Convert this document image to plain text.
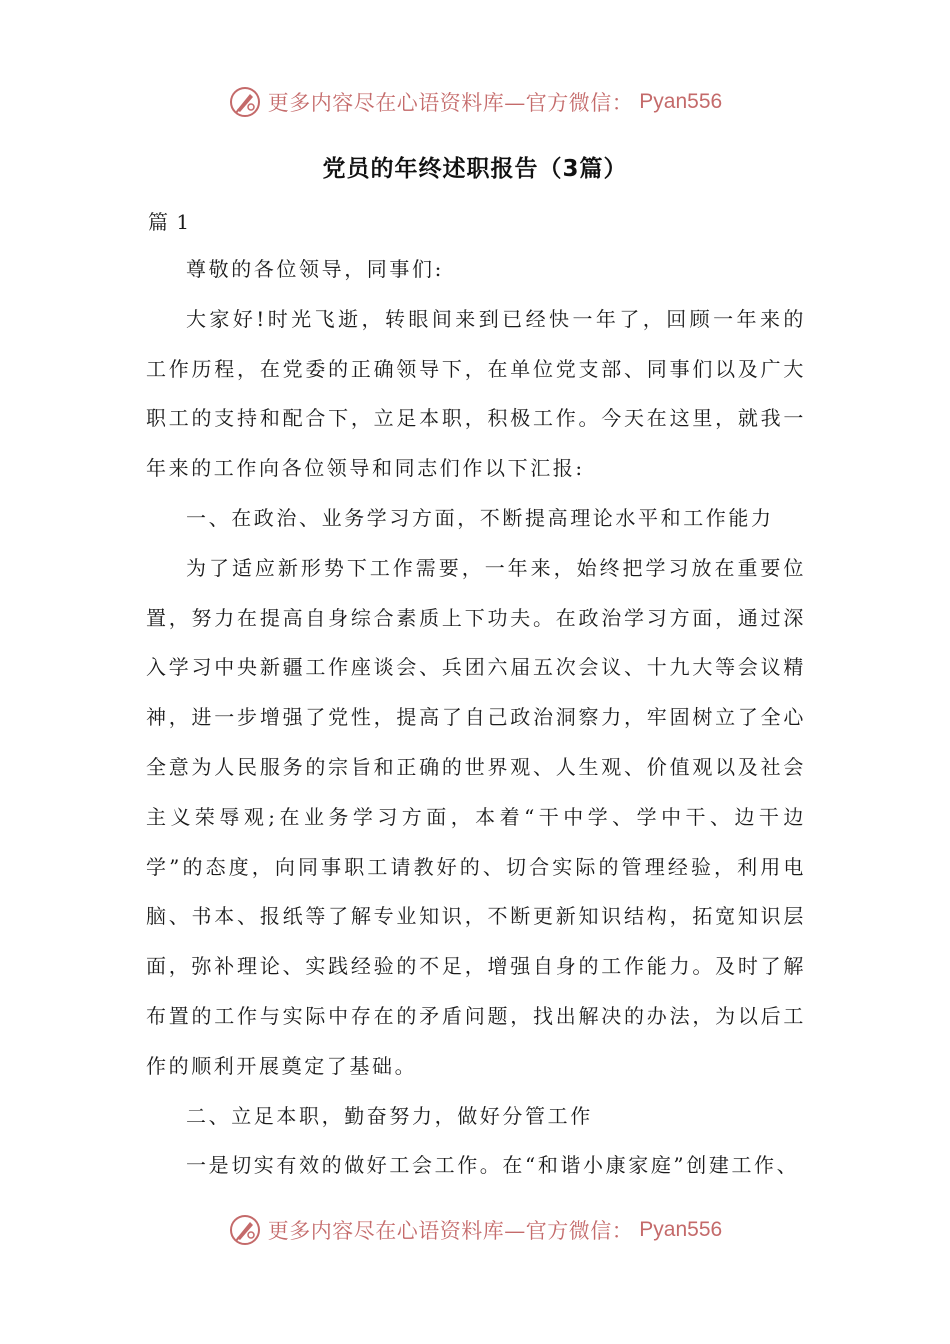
更多内容尽在心语资料库—官方微信： Pyan556
党员的年终述职报告（3篇）
篇 1

尊敬的各位领导，同事们:

大家好!时光飞逝，转眼间来到已经快一年了，回顾一年来的工作历程，在党委的正确领导下，在单位党支部、同事们以及广大职工的支持和配合下，立足本职，积极工作。今天在这里，就我一年来的工作向各位领导和同志们作以下汇报:

一、在政治、业务学习方面，不断提高理论水平和工作能力

为了适应新形势下工作需要，一年来，始终把学习放在重要位置，努力在提高自身综合素质上下功夫。在政治学习方面，通过深入学习中央新疆工作座谈会、兵团六届五次会议、十九大等会议精神，进一步增强了党性，提高了自己政治洞察力，牢固树立了全心全意为人民服务的宗旨和正确的世界观、人生观、价值观以及社会主义荣辱观;在业务学习方面，本着“干中学、学中干、边干边学”的态度，向同事职工请教好的、切合实际的管理经验，利用电脑、书本、报纸等了解专业知识，不断更新知识结构，拓宽知识层面，弥补理论、实践经验的不足，增强自身的工作能力。及时了解布置的工作与实际中存在的矛盾问题，找出解决的办法，为以后工作的顺利开展奠定了基础。

二、立足本职，勤奋努力，做好分管工作

一是切实有效的做好工会工作。在“和谐小康家庭”创建工作、

更多内容尽在心语资料库—官方微信： Pyan556
